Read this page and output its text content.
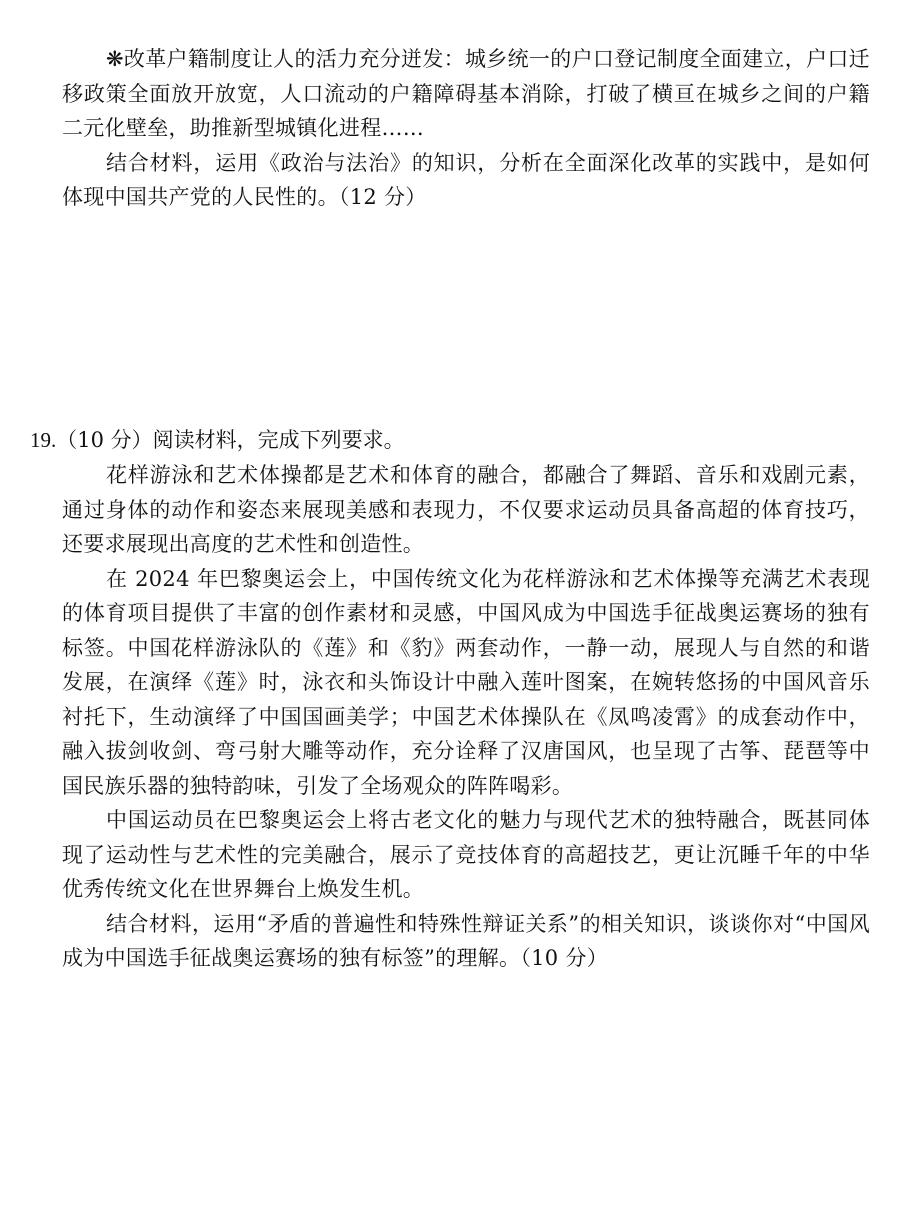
❋改革户籍制度让人的活力充分迸发：城乡统一的户口登记制度全面建立，户口迁移政策全面放开放宽，人口流动的户籍障碍基本消除，打破了横亘在城乡之间的户籍二元化壁垒，助推新型城镇化进程……

结合材料，运用《政治与法治》的知识，分析在全面深化改革的实践中，是如何体现中国共产党的人民性的。（12 分）

19.（10 分）阅读材料，完成下列要求。

花样游泳和艺术体操都是艺术和体育的融合，都融合了舞蹈、音乐和戏剧元素，通过身体的动作和姿态来展现美感和表现力，不仅要求运动员具备高超的体育技巧，还要求展现出高度的艺术性和创造性。

在 2024 年巴黎奥运会上，中国传统文化为花样游泳和艺术体操等充满艺术表现的体育项目提供了丰富的创作素材和灵感，中国风成为中国选手征战奥运赛场的独有标签。中国花样游泳队的《莲》和《豹》两套动作，一静一动，展现人与自然的和谐发展，在演绎《莲》时，泳衣和头饰设计中融入莲叶图案，在婉转悠扬的中国风音乐衬托下，生动演绎了中国国画美学；中国艺术体操队在《凤鸣凌霄》的成套动作中，融入拔剑收剑、弯弓射大雕等动作，充分诠释了汉唐国风，也呈现了古筝、琵琶等中国民族乐器的独特韵味，引发了全场观众的阵阵喝彩。

中国运动员在巴黎奥运会上将古老文化的魅力与现代艺术的独特融合，既甚同体现了运动性与艺术性的完美融合，展示了竞技体育的高超技艺，更让沉睡千年的中华优秀传统文化在世界舞台上焕发生机。

结合材料，运用“矛盾的普遍性和特殊性辩证关系”的相关知识，谈谈你对“中国风成为中国选手征战奥运赛场的独有标签”的理解。（10 分）
